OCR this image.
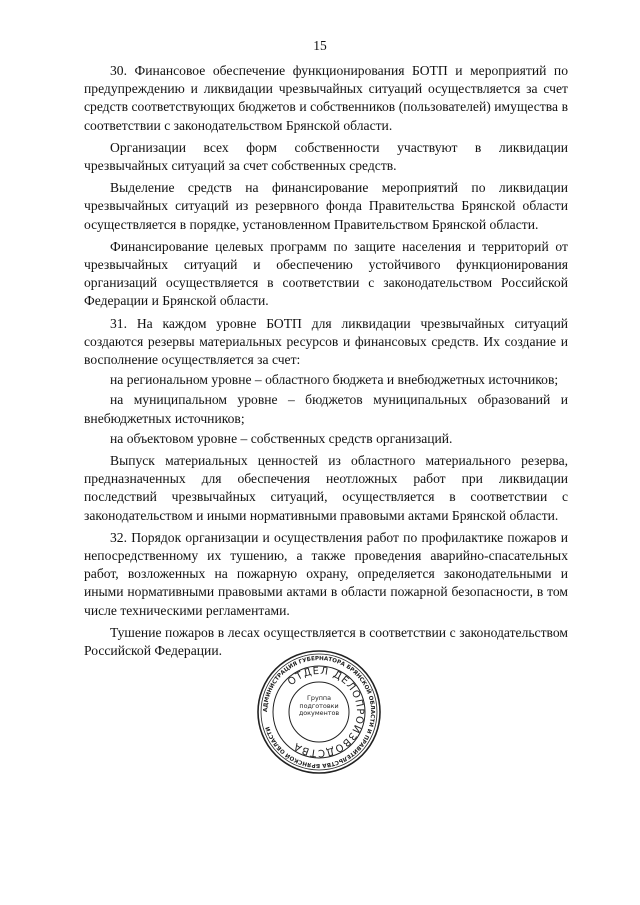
15

30. Финансовое обеспечение функционирования БОТП и мероприятий по предупреждению и ликвидации чрезвычайных ситуаций осуществляется за счет средств соответствующих бюджетов и собственников (пользователей) имущества в соответствии с законодательством Брянской области.

Организации всех форм собственности участвуют в ликвидации чрезвычайных ситуаций за счет собственных средств.

Выделение средств на финансирование мероприятий по ликвидации чрезвычайных ситуаций из резервного фонда Правительства Брянской области осуществляется в порядке, установленном Правительством Брянской области.

Финансирование целевых программ по защите населения и территорий от чрезвычайных ситуаций и обеспечению устойчивого функционирования организаций осуществляется в соответствии с законодательством Российской Федерации и Брянской области.

31. На каждом уровне БОТП для ликвидации чрезвычайных ситуаций создаются резервы материальных ресурсов и финансовых средств. Их создание и восполнение осуществляется за счет:

на региональном уровне – областного бюджета и внебюджетных источников;

на муниципальном уровне – бюджетов муниципальных образований и внебюджетных источников;

на объектовом уровне – собственных средств организаций.

Выпуск материальных ценностей из областного материального резерва, предназначенных для обеспечения неотложных работ при ликвидации последствий чрезвычайных ситуаций, осуществляется в соответствии с законодательством и иными нормативными правовыми актами Брянской области.

32. Порядок организации и осуществления работ по профилактике пожаров и непосредственному их тушению, а также проведения аварийно-спасательных работ, возложенных на пожарную охрану, определяется законодательными и иными нормативными правовыми актами в области пожарной безопасности, в том числе техническими регламентами.

Тушение пожаров в лесах осуществляется в соответствии с законодательством Российской Федерации.

АДМИНИСТРАЦИЯ ГУБЕРНАТОРА БРЯНСКОЙ ОБЛАСТИ И ПРАВИТЕЛЬСТВА БРЯНСКОЙ ОБЛАСТИ
ОТДЕЛ ДЕЛОПРОИЗВОДСТВА
Группа подготовки документов
